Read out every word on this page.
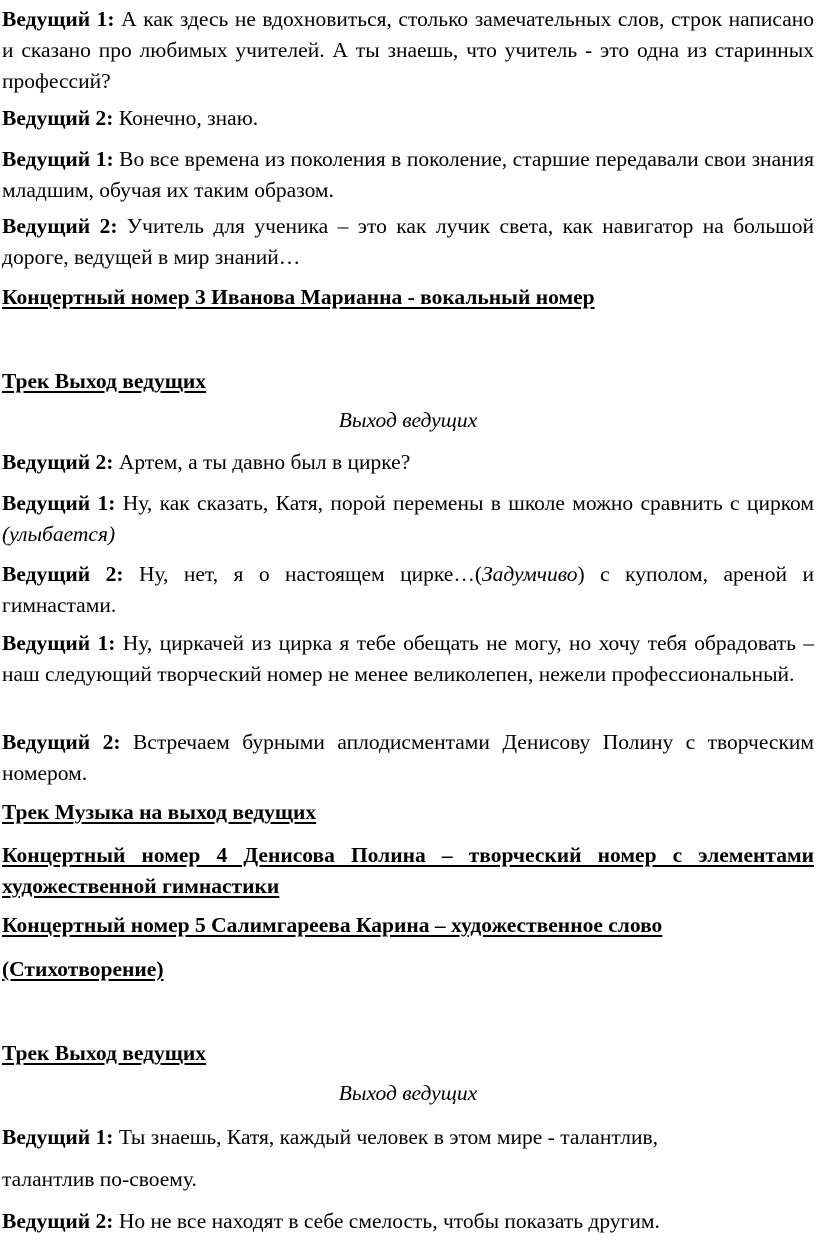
Ведущий 1: А как здесь не вдохновиться, столько замечательных слов, строк написано и сказано про любимых учителей. А ты знаешь, что учитель - это одна из старинных профессий?

Ведущий 2: Конечно, знаю.

Ведущий 1: Во все времена из поколения в поколение, старшие передавали свои знания младшим, обучая их таким образом.

Ведущий 2: Учитель для ученика – это как лучик света, как навигатор на большой дороге, ведущей в мир знаний…

Концертный номер 3 Иванова Марианна - вокальный номер

Трек Выход ведущих

Выход ведущих

Ведущий 2: Артем, а ты давно был в цирке?

Ведущий 1: Ну, как сказать, Катя, порой перемены в школе можно сравнить с цирком (улыбается)

Ведущий 2: Ну, нет, я о настоящем цирке…(Задумчиво) с куполом, ареной и гимнастами.

Ведущий 1: Ну, циркачей из цирка я тебе обещать не могу, но хочу тебя обрадовать – наш следующий творческий номер не менее великолепен, нежели профессиональный.

Ведущий 2: Встречаем бурными аплодисментами Денисову Полину с творческим номером.

Трек Музыка на выход ведущих

Концертный номер 4 Денисова Полина – творческий номер с элементами художественной гимнастики

Концертный номер 5 Салимгареева Карина – художественное слово

(Стихотворение)

Трек Выход ведущих

Выход ведущих

Ведущий 1: Ты знаешь, Катя, каждый человек в этом мире - талантлив,

талантлив по-своему.

Ведущий 2: Но не все находят в себе смелость, чтобы показать другим.
